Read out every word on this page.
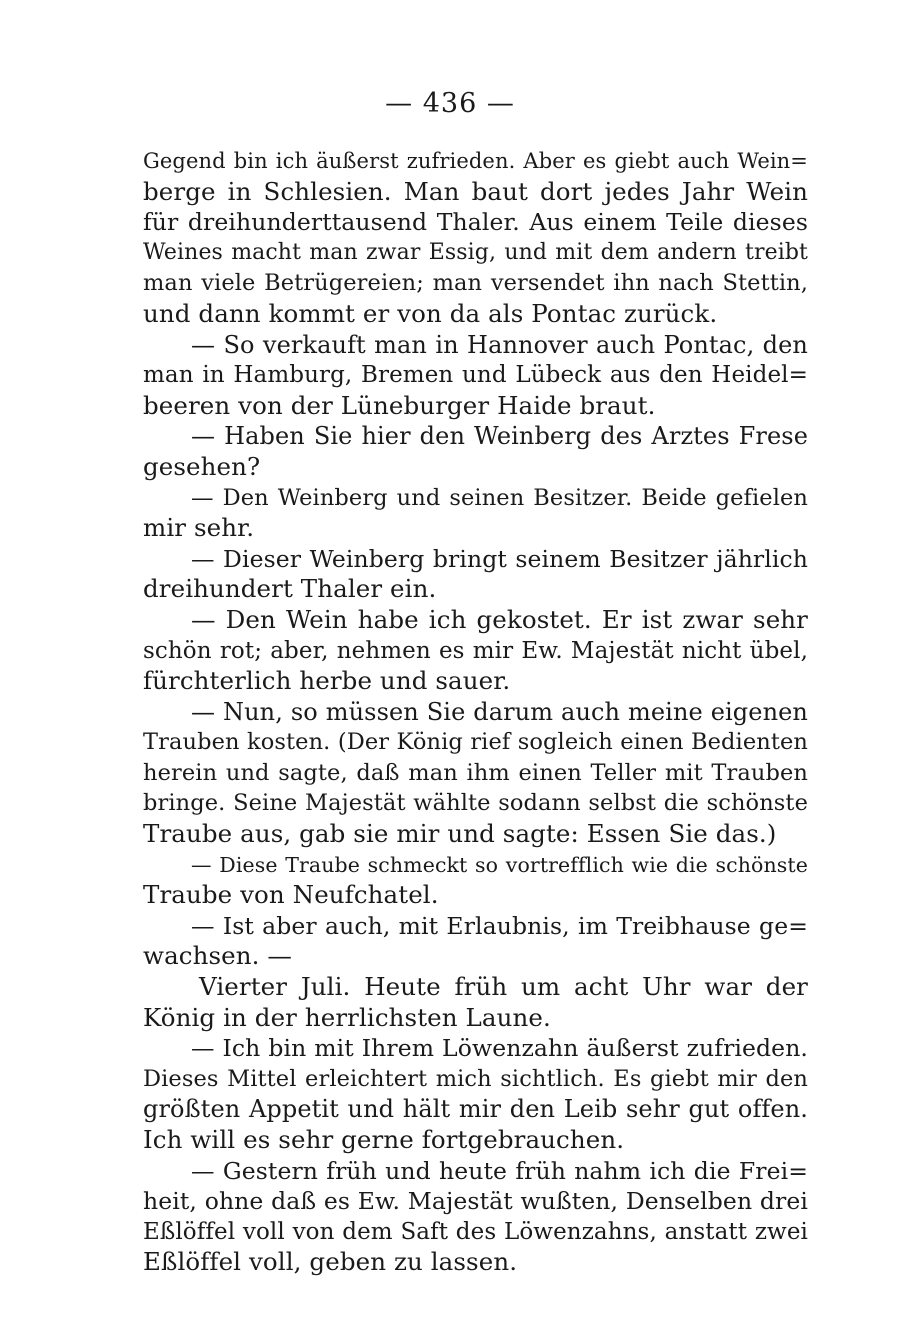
— 436 —
Gegend bin ich äußerst zufrieden. Aber es giebt auch Wein=
berge in Schlesien. Man baut dort jedes Jahr Wein
für dreihunderttausend Thaler. Aus einem Teile dieses
Weines macht man zwar Essig, und mit dem andern treibt
man viele Betrügereien; man versendet ihn nach Stettin,
und dann kommt er von da als Pontac zurück.
— So verkauft man in Hannover auch Pontac, den
man in Hamburg, Bremen und Lübeck aus den Heidel=
beeren von der Lüneburger Haide braut.
— Haben Sie hier den Weinberg des Arztes Frese
gesehen?
— Den Weinberg und seinen Besitzer. Beide gefielen
mir sehr.
— Dieser Weinberg bringt seinem Besitzer jährlich
dreihundert Thaler ein.
— Den Wein habe ich gekostet. Er ist zwar sehr
schön rot; aber, nehmen es mir Ew. Majestät nicht übel,
fürchterlich herbe und sauer.
— Nun, so müssen Sie darum auch meine eigenen
Trauben kosten. (Der König rief sogleich einen Bedienten
herein und sagte, daß man ihm einen Teller mit Trauben
bringe. Seine Majestät wählte sodann selbst die schönste
Traube aus, gab sie mir und sagte: Essen Sie das.)
— Diese Traube schmeckt so vortrefflich wie die schönste
Traube von Neufchatel.
— Ist aber auch, mit Erlaubnis, im Treibhause ge=
wachsen. —
Vierter Juli. Heute früh um acht Uhr war der
König in der herrlichsten Laune.
— Ich bin mit Ihrem Löwenzahn äußerst zufrieden.
Dieses Mittel erleichtert mich sichtlich. Es giebt mir den
größten Appetit und hält mir den Leib sehr gut offen.
Ich will es sehr gerne fortgebrauchen.
— Gestern früh und heute früh nahm ich die Frei=
heit, ohne daß es Ew. Majestät wußten, Denselben drei
Eßlöffel voll von dem Saft des Löwenzahns, anstatt zwei
Eßlöffel voll, geben zu lassen.
